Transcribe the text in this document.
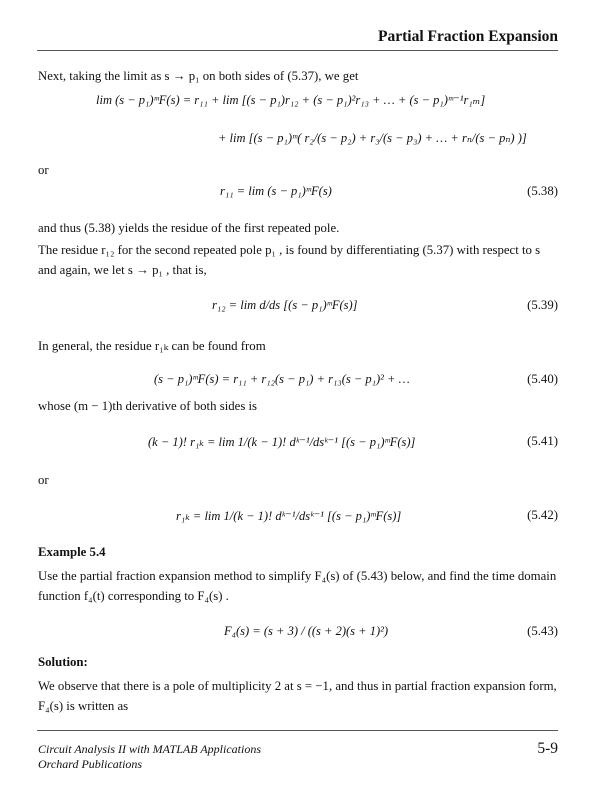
Partial Fraction Expansion
Next, taking the limit as s → p₁ on both sides of (5.37), we get
lim (s − p₁)ᵐF(s) = r₁₁ + lim [(s − p₁)r₁₂ + (s − p₁)²r₁₃ + … + (s − p₁)ᵐ⁻¹r₁ₘ]
+ lim [(s − p₁)ᵐ( r₂/(s − p₂) + r₃/(s − p₃) + … + rₙ/(s − pₙ) )]
or
r₁₁ = lim (s − p₁)ᵐF(s)	(5.38)
and thus (5.38) yields the residue of the first repeated pole.
The residue r₁₂ for the second repeated pole p₁ , is found by differentiating (5.37) with respect to s and again, we let s → p₁ , that is,
r₁₂ = lim d/ds [(s − p₁)ᵐF(s)]	(5.39)
In general, the residue r₁ₖ can be found from
(s − p₁)ᵐF(s) = r₁₁ + r₁₂(s − p₁) + r₁₃(s − p₁)² + …	(5.40)
whose (m − 1)th derivative of both sides is
(k − 1)! r₁ₖ = lim 1/(k − 1)! dᵏ⁻¹/dsᵏ⁻¹ [(s − p₁)ᵐF(s)]	(5.41)
or
r₁ₖ = lim 1/(k − 1)! dᵏ⁻¹/dsᵏ⁻¹ [(s − p₁)ᵐF(s)]	(5.42)
Example 5.4
Use the partial fraction expansion method to simplify F₄(s) of (5.43) below, and find the time domain function f₄(t) corresponding to F₄(s) .
F₄(s) = (s + 3) / ((s + 2)(s + 1)²)	(5.43)
Solution:
We observe that there is a pole of multiplicity 2 at s = −1, and thus in partial fraction expansion form, F₄(s) is written as
Circuit Analysis II with MATLAB Applications
Orchard Publications
5-9
